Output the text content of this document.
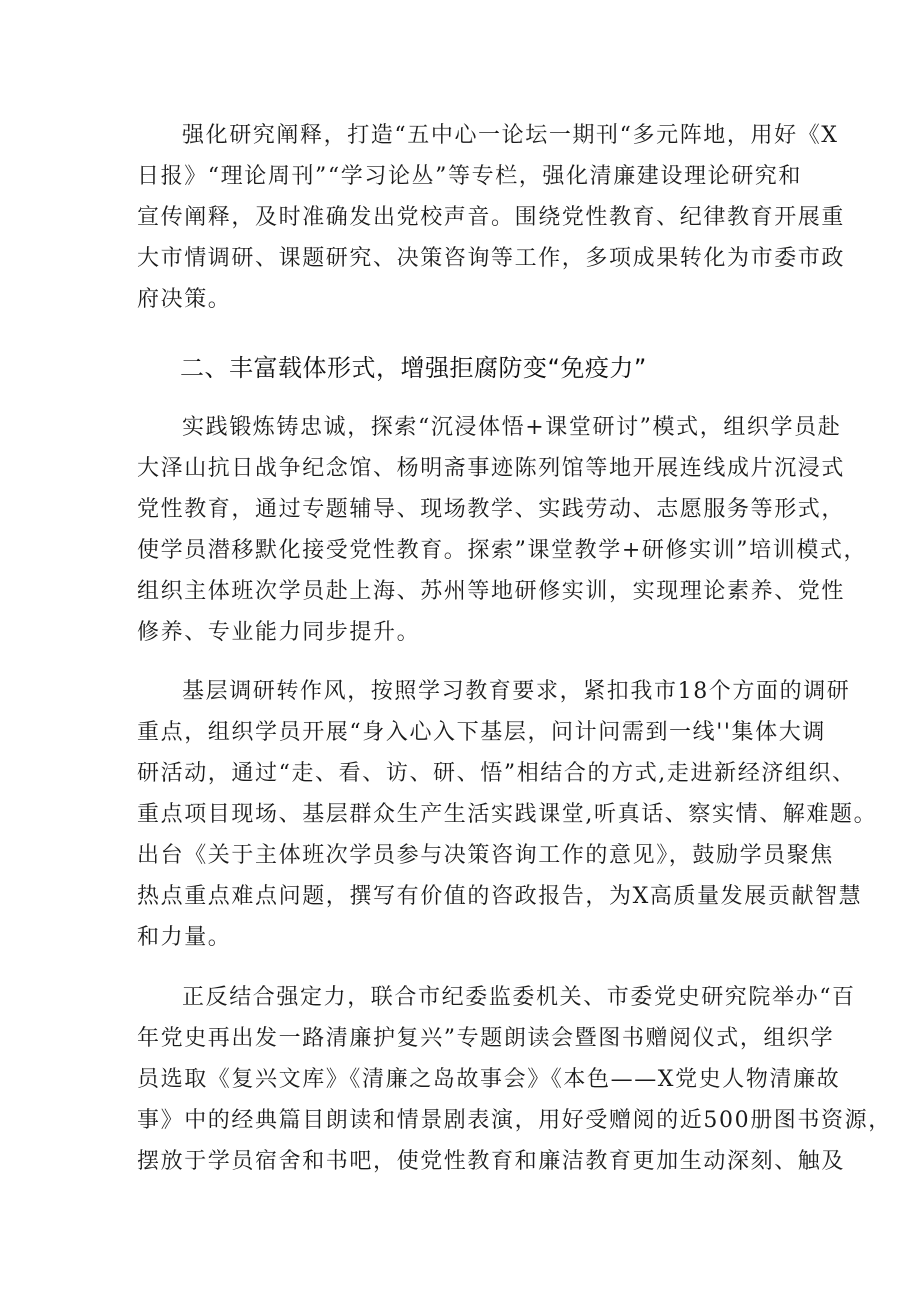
强化研究阐释，打造“五中心一论坛一期刊“多元阵地，用好《X
日报》“理论周刊”“学习论丛”等专栏，强化清廉建设理论研究和
宣传阐释，及时准确发出党校声音。围绕党性教育、纪律教育开展重
大市情调研、课题研究、决策咨询等工作，多项成果转化为市委市政
府决策。
二、丰富载体形式，增强拒腐防变“免疫力”
实践锻炼铸忠诚，探索“沉浸体悟+课堂研讨”模式，组织学员赴
大泽山抗日战争纪念馆、杨明斋事迹陈列馆等地开展连线成片沉浸式
党性教育，通过专题辅导、现场教学、实践劳动、志愿服务等形式，
使学员潜移默化接受党性教育。探索”课堂教学+研修实训”培训模式，
组织主体班次学员赴上海、苏州等地研修实训，实现理论素养、党性
修养、专业能力同步提升。
基层调研转作风，按照学习教育要求，紧扣我市18个方面的调研
重点，组织学员开展“身入心入下基层，问计问需到一线''集体大调
研活动，通过“走、看、访、研、悟”相结合的方式,走进新经济组织、
重点项目现场、基层群众生产生活实践课堂,听真话、察实情、解难题。
出台《关于主体班次学员参与决策咨询工作的意见》，鼓励学员聚焦
热点重点难点问题，撰写有价值的咨政报告，为X高质量发展贡献智慧
和力量。
正反结合强定力，联合市纪委监委机关、市委党史研究院举办“百
年党史再出发一路清廉护复兴”专题朗读会暨图书赠阅仪式，组织学
员选取《复兴文库》《清廉之岛故事会》《本色——X党史人物清廉故
事》中的经典篇目朗读和情景剧表演，用好受赠阅的近500册图书资源，
摆放于学员宿舍和书吧，使党性教育和廉洁教育更加生动深刻、触及
